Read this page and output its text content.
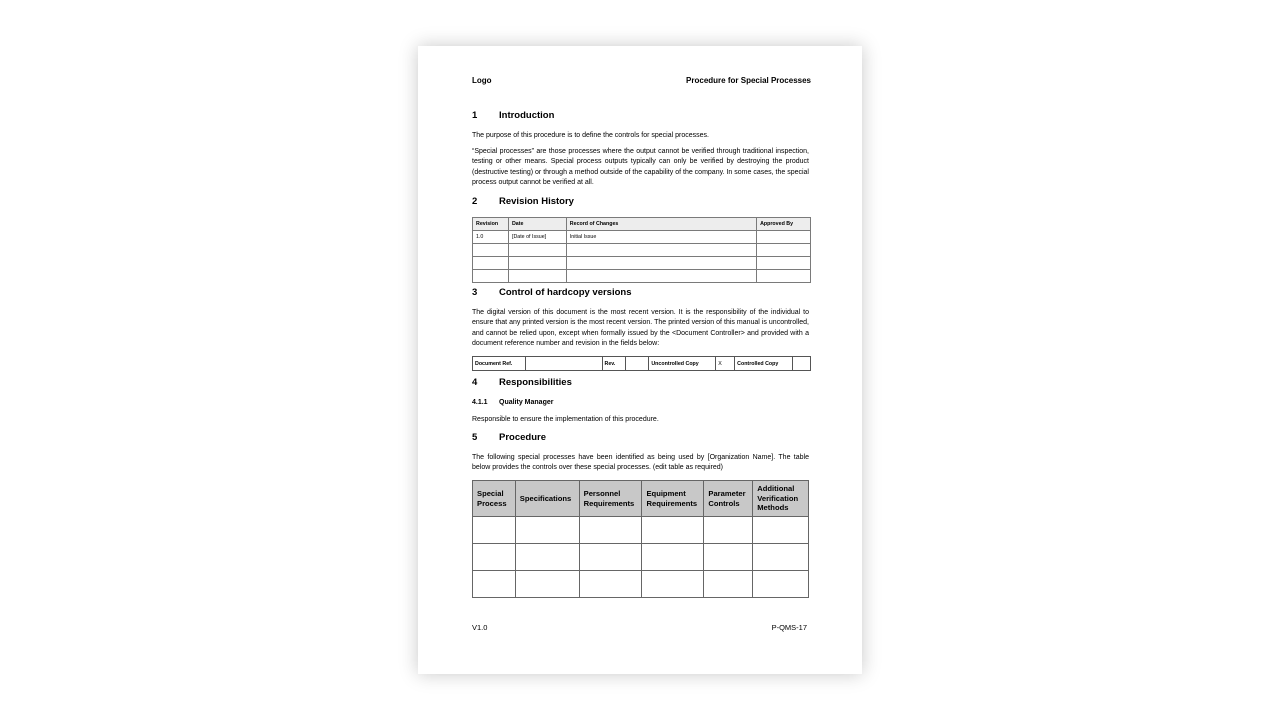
Logo	Procedure for Special Processes
1	Introduction
The purpose of this procedure is to define the controls for special processes.
“Special processes” are those processes where the output cannot be verified through traditional inspection, testing or other means. Special process outputs typically can only be verified by destroying the product (destructive testing) or through a method outside of the capability of the company. In some cases, the special process output cannot be verified at all.
2	Revision History
Revision	Date	Record of Changes	Approved By
1.0	[Date of Issue]	Initial Issue	

3	Control of hardcopy versions
The digital version of this document is the most recent version. It is the responsibility of the individual to ensure that any printed version is the most recent version. The printed version of this manual is uncontrolled, and cannot be relied upon, except when formally issued by the <Document Controller> and provided with a document reference number and revision in the fields below:
Document Ref.		Rev.		Uncontrolled Copy	X	Controlled Copy	
4	Responsibilities
4.1.1	Quality Manager
Responsible to ensure the implementation of this procedure.
5	Procedure
The following special processes have been identified as being used by [Organization Name]. The table below provides the controls over these special processes. (edit table as required)
Special Process	Specifications	Personnel Requirements	Equipment Requirements	Parameter Controls	Additional Verification Methods

V1.0	P-QMS-17
